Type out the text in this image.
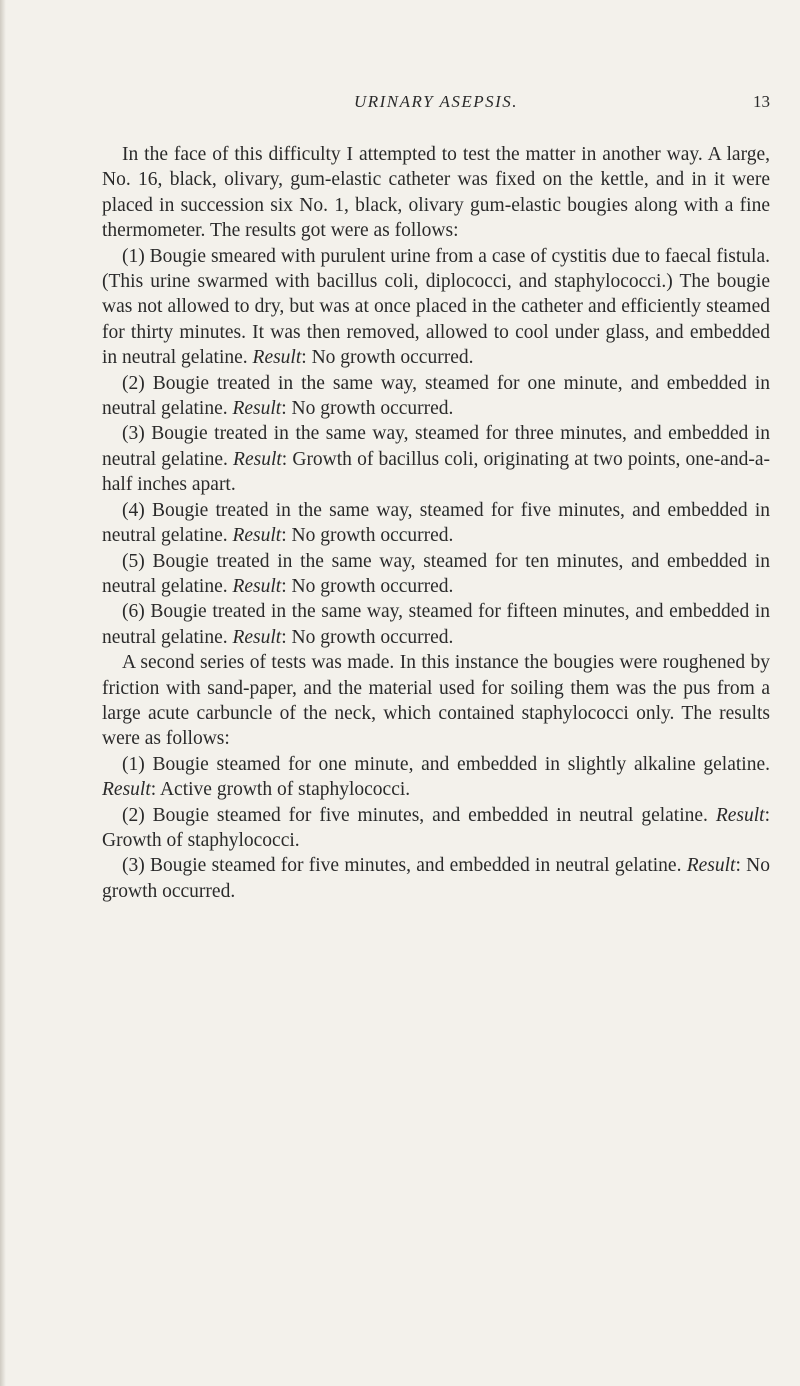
URINARY ASEPSIS.	13

In the face of this difficulty I attempted to test the matter in another way. A large, No. 16, black, olivary, gum-elastic catheter was fixed on the kettle, and in it were placed in succession six No. 1, black, olivary gum-elastic bougies along with a fine thermometer. The results got were as follows:

(1) Bougie smeared with purulent urine from a case of cystitis due to faecal fistula. (This urine swarmed with bacillus coli, diplococci, and staphylococci.) The bougie was not allowed to dry, but was at once placed in the catheter and efficiently steamed for thirty minutes. It was then removed, allowed to cool under glass, and embedded in neutral gelatine. Result: No growth occurred.

(2) Bougie treated in the same way, steamed for one minute, and embedded in neutral gelatine. Result: No growth occurred.

(3) Bougie treated in the same way, steamed for three minutes, and embedded in neutral gelatine. Result: Growth of bacillus coli, originating at two points, one-and-a-half inches apart.

(4) Bougie treated in the same way, steamed for five minutes, and embedded in neutral gelatine. Result: No growth occurred.

(5) Bougie treated in the same way, steamed for ten minutes, and embedded in neutral gelatine. Result: No growth occurred.

(6) Bougie treated in the same way, steamed for fifteen minutes, and embedded in neutral gelatine. Result: No growth occurred.

A second series of tests was made. In this instance the bougies were roughened by friction with sand-paper, and the material used for soiling them was the pus from a large acute carbuncle of the neck, which contained staphylococci only. The results were as follows:

(1) Bougie steamed for one minute, and embedded in slightly alkaline gelatine. Result: Active growth of staphylococci.

(2) Bougie steamed for five minutes, and embedded in neutral gelatine. Result: Growth of staphylococci.

(3) Bougie steamed for five minutes, and embedded in neutral gelatine. Result: No growth occurred.
